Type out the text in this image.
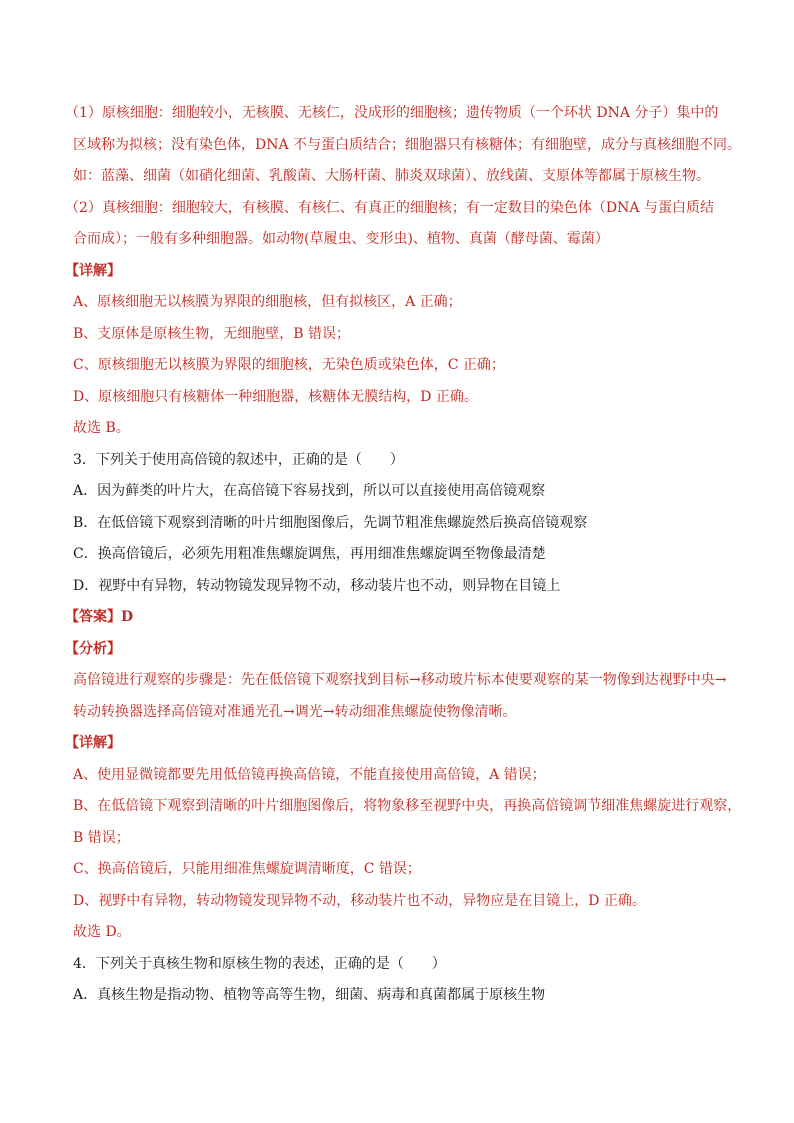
（1）原核细胞：细胞较小，无核膜、无核仁，没成形的细胞核；遗传物质（一个环状 DNA 分子）集中的
区域称为拟核；没有染色体，DNA 不与蛋白质结合；细胞器只有核糖体；有细胞壁，成分与真核细胞不同。
如：蓝藻、细菌（如硝化细菌、乳酸菌、大肠杆菌、肺炎双球菌）、放线菌、支原体等都属于原核生物。
（2）真核细胞：细胞较大，有核膜、有核仁、有真正的细胞核；有一定数目的染色体（DNA 与蛋白质结
合而成）；一般有多种细胞器。如动物(草履虫、变形虫)、植物、真菌（酵母菌、霉菌）
【详解】
A、原核细胞无以核膜为界限的细胞核，但有拟核区，A 正确；
B、支原体是原核生物，无细胞壁，B 错误；
C、原核细胞无以核膜为界限的细胞核，无染色质或染色体，C 正确；
D、原核细胞只有核糖体一种细胞器，核糖体无膜结构，D 正确。
故选 B。
3．下列关于使用高倍镜的叙述中，正确的是（　　）
A．因为藓类的叶片大，在高倍镜下容易找到，所以可以直接使用高倍镜观察
B．在低倍镜下观察到清晰的叶片细胞图像后，先调节粗准焦螺旋然后换高倍镜观察
C．换高倍镜后，必须先用粗准焦螺旋调焦，再用细准焦螺旋调至物像最清楚
D．视野中有异物，转动物镜发现异物不动，移动装片也不动，则异物在目镜上
【答案】D
【分析】
高倍镜进行观察的步骤是：先在低倍镜下观察找到目标→移动玻片标本使要观察的某一物像到达视野中央→
转动转换器选择高倍镜对准通光孔→调光→转动细准焦螺旋使物像清晰。
【详解】
A、使用显微镜都要先用低倍镜再换高倍镜，不能直接使用高倍镜，A 错误；
B、在低倍镜下观察到清晰的叶片细胞图像后，将物象移至视野中央，再换高倍镜调节细准焦螺旋进行观察，
B 错误；
C、换高倍镜后，只能用细准焦螺旋调清晰度，C 错误；
D、视野中有异物，转动物镜发现异物不动，移动装片也不动，异物应是在目镜上，D 正确。
故选 D。
4．下列关于真核生物和原核生物的表述，正确的是（　　）
A．真核生物是指动物、植物等高等生物，细菌、病毒和真菌都属于原核生物
